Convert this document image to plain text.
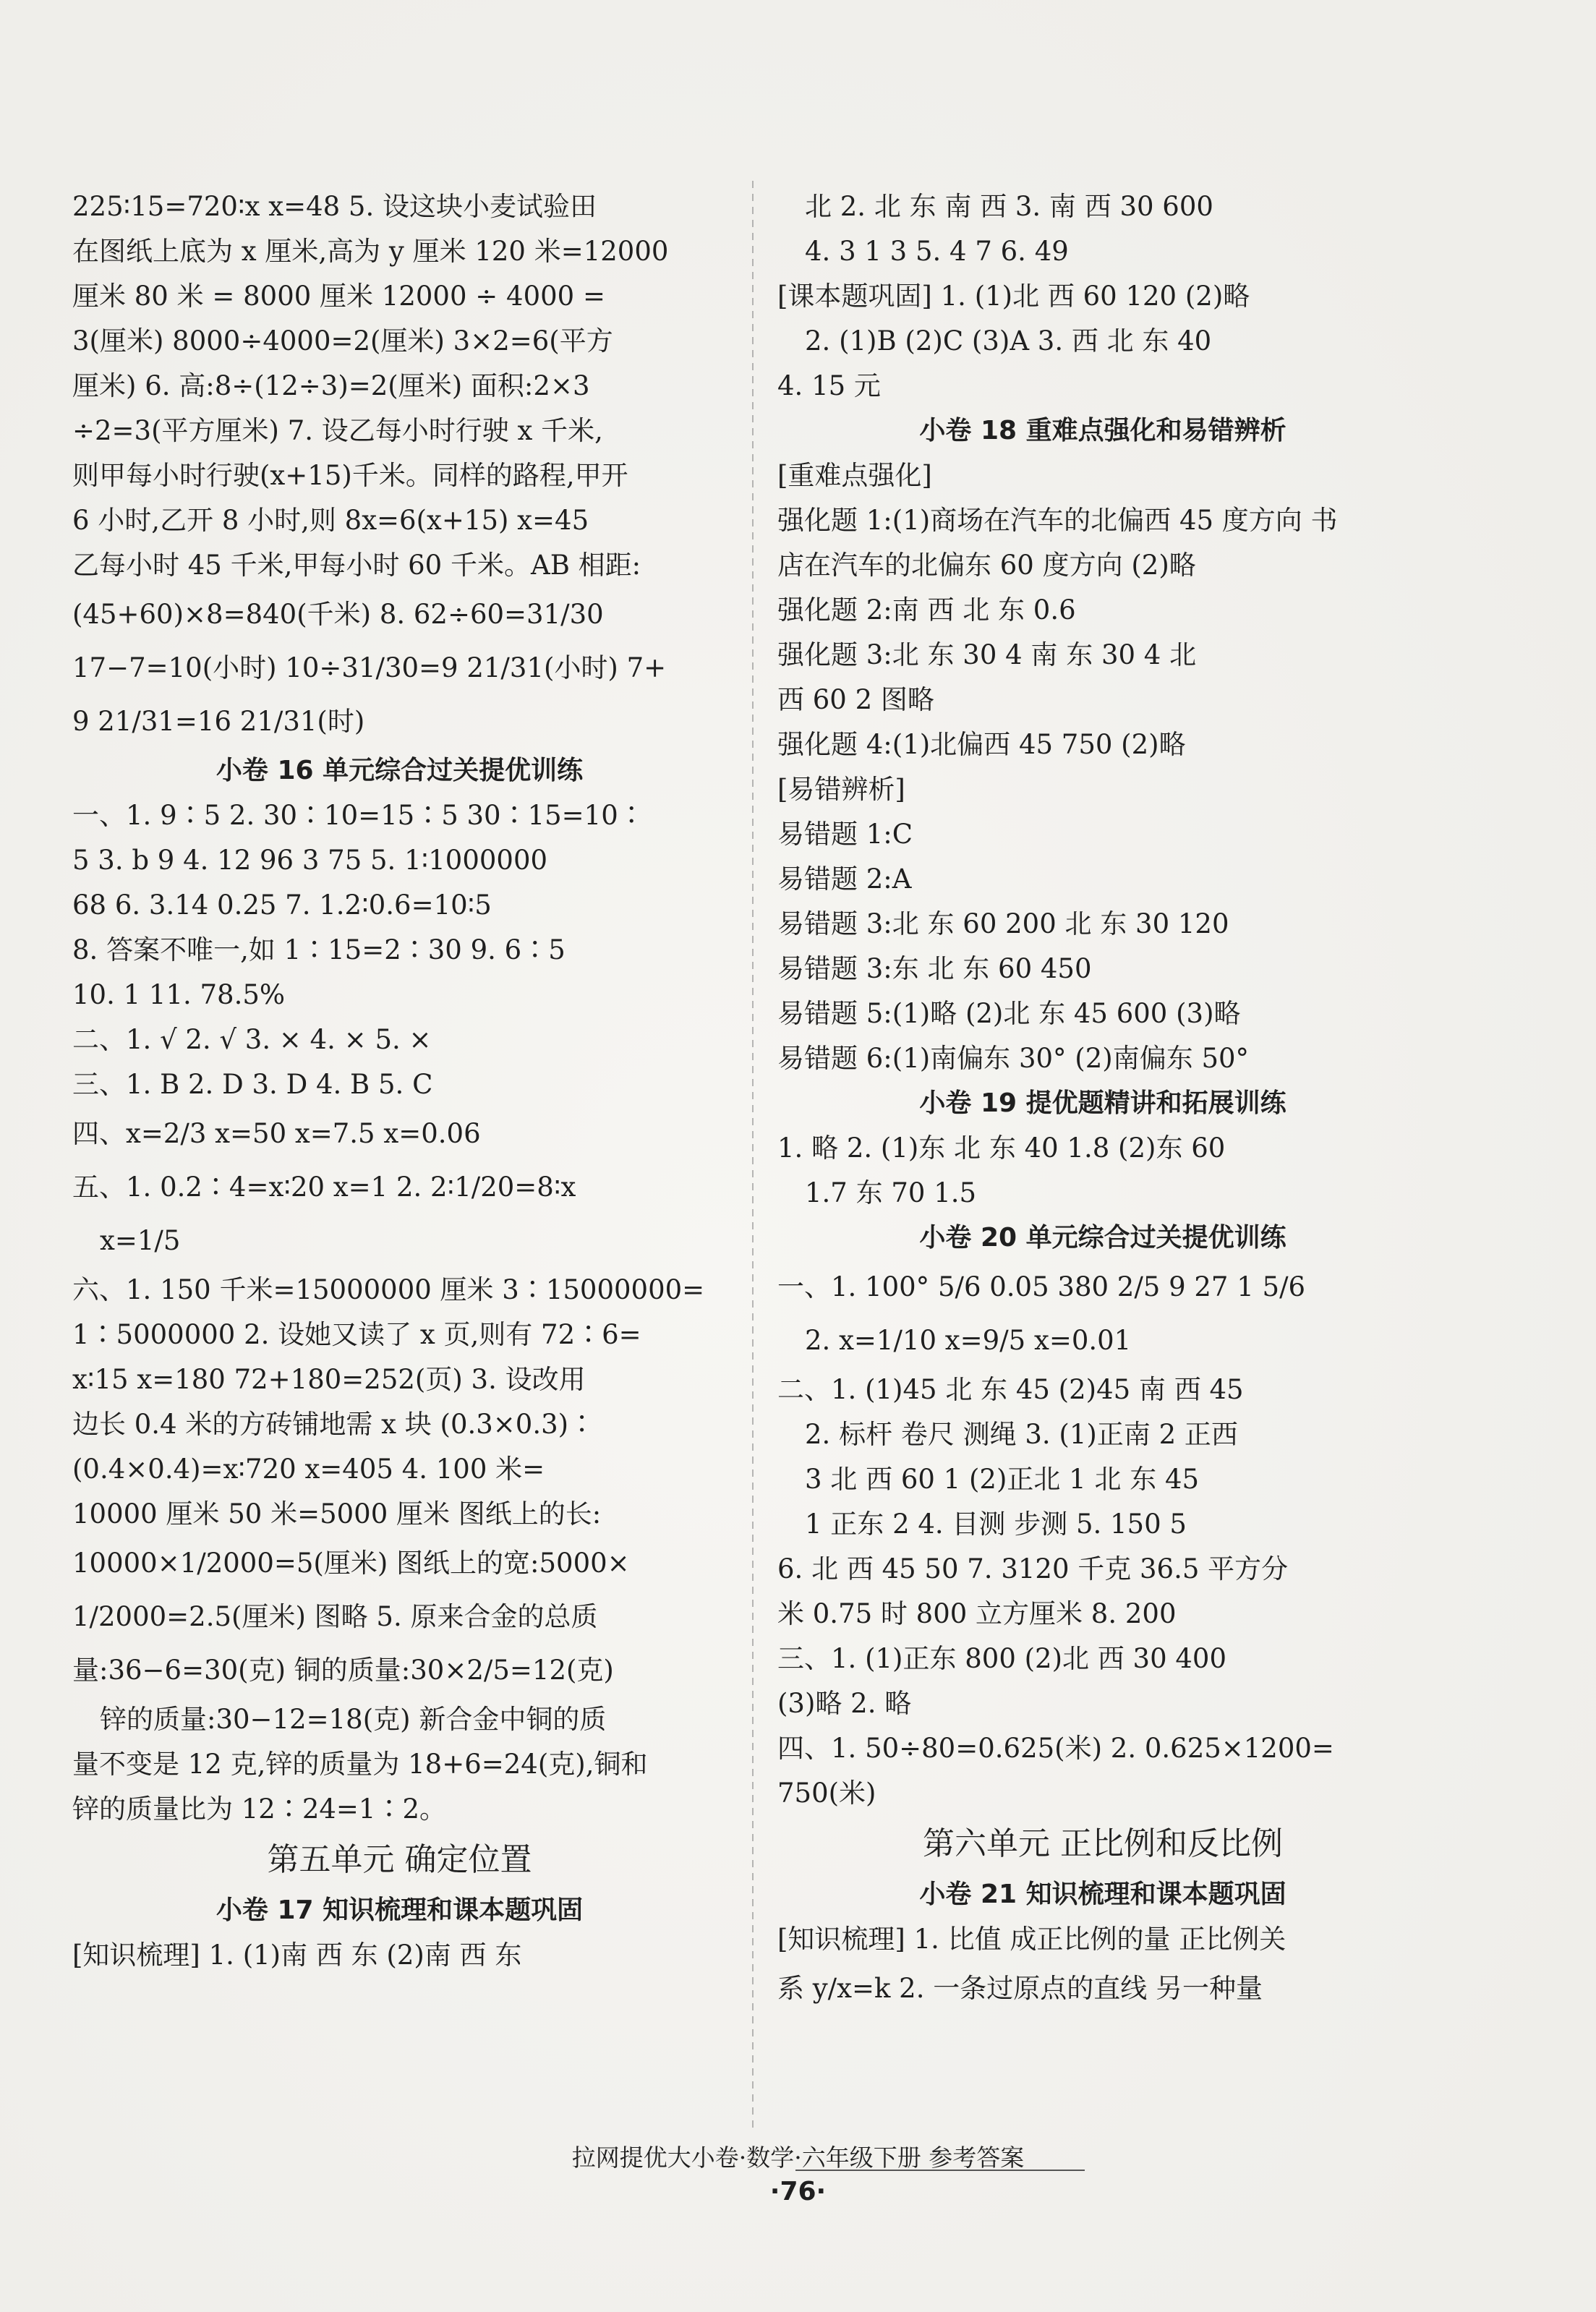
225∶15=720∶x x=48 5. 设这块小麦试验田
在图纸上底为 x 厘米,高为 y 厘米 120 米=12000
厘米 80 米 = 8000 厘米 12000 ÷ 4000 =
3(厘米) 8000÷4000=2(厘米) 3×2=6(平方
厘米) 6. 高:8÷(12÷3)=2(厘米) 面积:2×3
÷2=3(平方厘米) 7. 设乙每小时行驶 x 千米,
则甲每小时行驶(x+15)千米。同样的路程,甲开
6 小时,乙开 8 小时,则 8x=6(x+15) x=45
乙每小时 45 千米,甲每小时 60 千米。AB 相距:
(45+60)×8=840(千米) 8. 62÷60=31/30
17−7=10(小时) 10÷31/30=9 21/31(小时) 7+
9 21/31=16 21/31(时)
小卷 16 单元综合过关提优训练
一、1. 9∶5 2. 30∶10=15∶5 30∶15=10∶
5 3. b 9 4. 12 96 3 75 5. 1∶1000000
68 6. 3.14 0.25 7. 1.2∶0.6=10∶5
8. 答案不唯一,如 1∶15=2∶30 9. 6∶5
10. 1 11. 78.5%
二、1. √ 2. √ 3. × 4. × 5. ×
三、1. B 2. D 3. D 4. B 5. C
四、x=2/3 x=50 x=7.5 x=0.06
五、1. 0.2∶4=x∶20 x=1 2. 2∶1/20=8∶x
x=1/5
六、1. 150 千米=15000000 厘米 3∶15000000=
1∶5000000 2. 设她又读了 x 页,则有 72∶6=
x∶15 x=180 72+180=252(页) 3. 设改用
边长 0.4 米的方砖铺地需 x 块 (0.3×0.3)∶
(0.4×0.4)=x∶720 x=405 4. 100 米=
10000 厘米 50 米=5000 厘米 图纸上的长:
10000×1/2000=5(厘米) 图纸上的宽:5000×
1/2000=2.5(厘米) 图略 5. 原来合金的总质
量:36−6=30(克) 铜的质量:30×2/5=12(克)
锌的质量:30−12=18(克) 新合金中铜的质
量不变是 12 克,锌的质量为 18+6=24(克),铜和
锌的质量比为 12∶24=1∶2。
第五单元 确定位置
小卷 17 知识梳理和课本题巩固
[知识梳理] 1. (1)南 西 东 (2)南 西 东
北 2. 北 东 南 西 3. 南 西 30 600
4. 3 1 3 5. 4 7 6. 49
[课本题巩固] 1. (1)北 西 60 120 (2)略
2. (1)B (2)C (3)A 3. 西 北 东 40
4. 15 元
小卷 18 重难点强化和易错辨析
[重难点强化]
强化题 1:(1)商场在汽车的北偏西 45 度方向 书
店在汽车的北偏东 60 度方向 (2)略
强化题 2:南 西 北 东 0.6
强化题 3:北 东 30 4 南 东 30 4 北
西 60 2 图略
强化题 4:(1)北偏西 45 750 (2)略
[易错辨析]
易错题 1:C
易错题 2:A
易错题 3:北 东 60 200 北 东 30 120
易错题 3:东 北 东 60 450
易错题 5:(1)略 (2)北 东 45 600 (3)略
易错题 6:(1)南偏东 30° (2)南偏东 50°
小卷 19 提优题精讲和拓展训练
1. 略 2. (1)东 北 东 40 1.8 (2)东 60
1.7 东 70 1.5
小卷 20 单元综合过关提优训练
一、1. 100° 5/6 0.05 380 2/5 9 27 1 5/6
2. x=1/10 x=9/5 x=0.01
二、1. (1)45 北 东 45 (2)45 南 西 45
2. 标杆 卷尺 测绳 3. (1)正南 2 正西
3 北 西 60 1 (2)正北 1 北 东 45
1 正东 2 4. 目测 步测 5. 150 5
6. 北 西 45 50 7. 3120 千克 36.5 平方分
米 0.75 时 800 立方厘米 8. 200
三、1. (1)正东 800 (2)北 西 30 400
(3)略 2. 略
四、1. 50÷80=0.625(米) 2. 0.625×1200=
750(米)
第六单元 正比例和反比例
小卷 21 知识梳理和课本题巩固
[知识梳理] 1. 比值 成正比例的量 正比例关
系 y/x=k 2. 一条过原点的直线 另一种量
拉网提优大小卷·数学·六年级下册 参考答案
·76·
